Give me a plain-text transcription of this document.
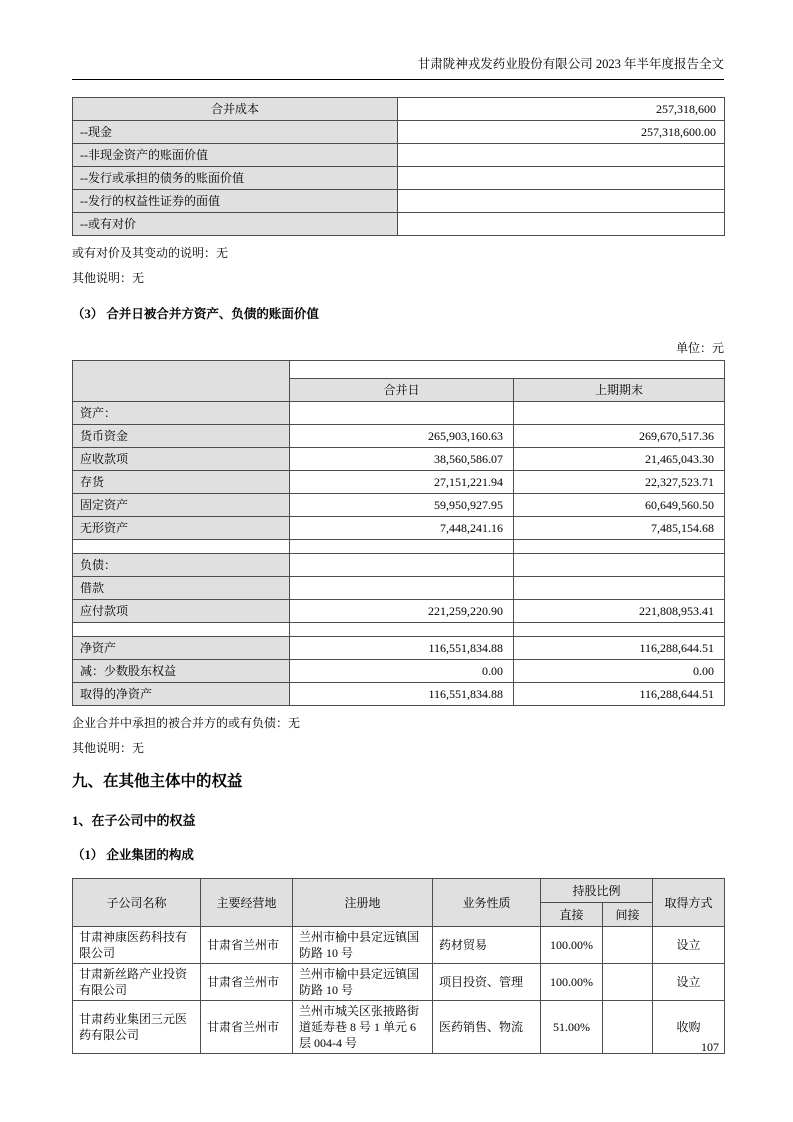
甘肃陇神戎发药业股份有限公司 2023 年半年度报告全文
合并成本	257,318,600
--现金	257,318,600.00
--非现金资产的账面价值	
--发行或承担的债务的账面价值	
--发行的权益性证券的面值	
--或有对价	

或有对价及其变动的说明：无

其他说明：无

（3） 合并日被合并方资产、负债的账面价值

单位：元

	合并日	上期期末
资产：		
货币资金	265,903,160.63	269,670,517.36
应收款项	38,560,586.07	21,465,043.30
存货	27,151,221.94	22,327,523.71
固定资产	59,950,927.95	60,649,560.50
无形资产	7,448,241.16	7,485,154.68

负债：		
借款		
应付款项	221,259,220.90	221,808,953.41

净资产	116,551,834.88	116,288,644.51
减：少数股东权益	0.00	0.00
取得的净资产	116,551,834.88	116,288,644.51

企业合并中承担的被合并方的或有负债：无

其他说明：无

九、在其他主体中的权益

1、在子公司中的权益

（1） 企业集团的构成

子公司名称	主要经营地	注册地	业务性质	持股比例		取得方式
				直接	间接	
甘肃神康医药科技有限公司	甘肃省兰州市	兰州市榆中县定远镇国防路 10 号	药材贸易	100.00%		设立
甘肃新丝路产业投资有限公司	甘肃省兰州市	兰州市榆中县定远镇国防路 10 号	项目投资、管理	100.00%		设立
甘肃药业集团三元医药有限公司	甘肃省兰州市	兰州市城关区张掖路街道延寿巷 8 号 1 单元 6 层 004-4 号	医药销售、物流	51.00%		收购
107
